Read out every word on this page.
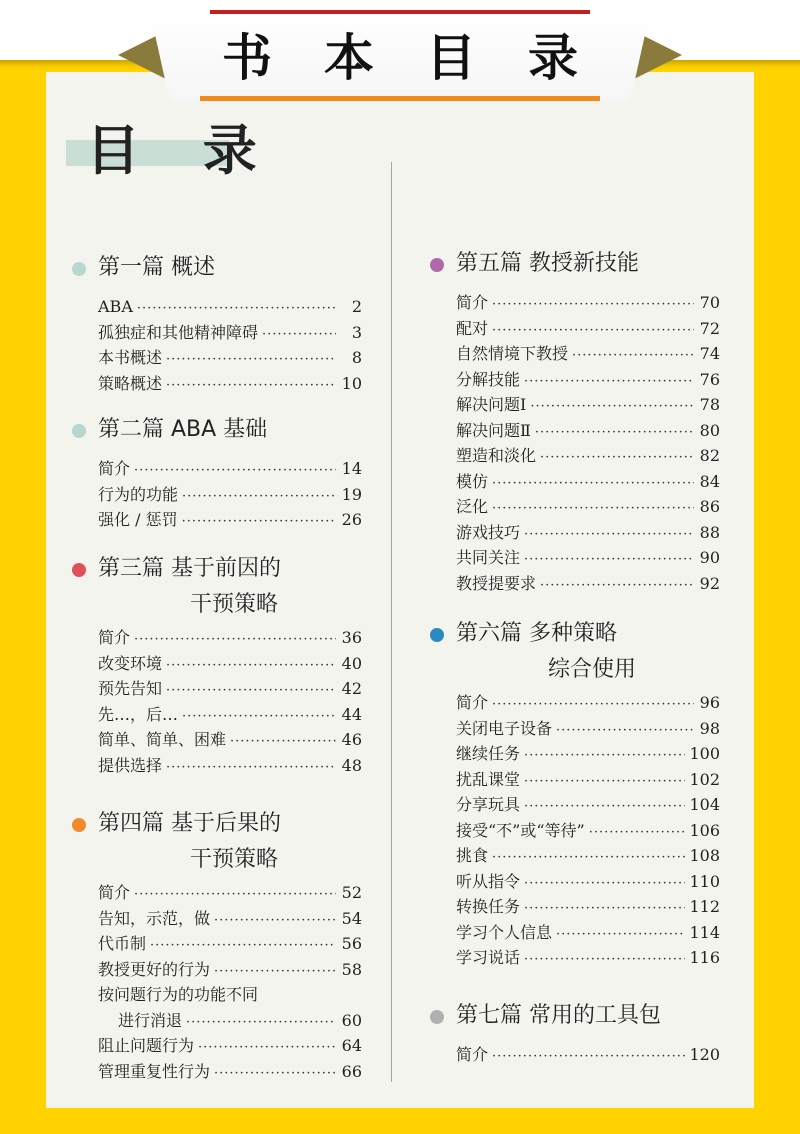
书	本	目	录
目 录
第一篇 概述
ABA ·····	2
孤独症和其他精神障碍 ·····	3
本书概述 ·····	8
策略概述 ·····	10
第二篇 ABA 基础
简介 ·····	14
行为的功能 ·····	19
强化 / 惩罚 ·····	26
第三篇 基于前因的
干预策略
简介 ·····	36
改变环境 ·····	40
预先告知 ·····	42
先…，后… ·····	44
简单、简单、困难 ·····	46
提供选择 ·····	48
第四篇 基于后果的
干预策略
简介 ·····	52
告知，示范，做 ·····	54
代币制 ·····	56
教授更好的行为 ·····	58
按问题行为的功能不同
进行消退 ·····	60
阻止问题行为 ·····	64
管理重复性行为 ·····	66
第五篇 教授新技能
简介 ·····	70
配对 ·····	72
自然情境下教授 ·····	74
分解技能 ·····	76
解决问题Ⅰ ·····	78
解决问题Ⅱ ·····	80
塑造和淡化 ·····	82
模仿 ·····	84
泛化 ·····	86
游戏技巧 ·····	88
共同关注 ·····	90
教授提要求 ·····	92
第六篇 多种策略
综合使用
简介 ·····	96
关闭电子设备 ·····	98
继续任务 ·····	100
扰乱课堂 ·····	102
分享玩具 ·····	104
接受“不”或“等待” ·····	106
挑食 ·····	108
听从指令 ·····	110
转换任务 ·····	112
学习个人信息 ·····	114
学习说话 ·····	116
第七篇 常用的工具包
简介 ·····	120
